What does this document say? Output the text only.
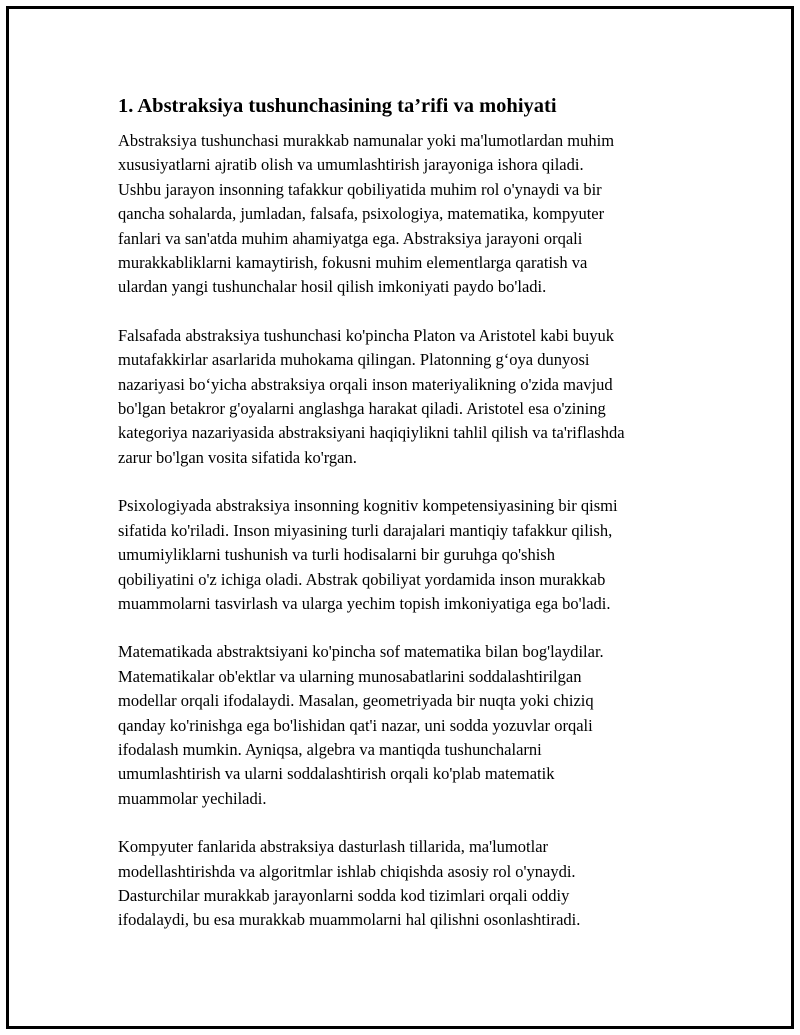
1. Abstraksiya tushunchasining ta’rifi va mohiyati

Abstraksiya tushunchasi murakkab namunalar yoki ma'lumotlardan muhim
xususiyatlarni ajratib olish va umumlashtirish jarayoniga ishora qiladi.
Ushbu jarayon insonning tafakkur qobiliyatida muhim rol o'ynaydi va bir
qancha sohalarda, jumladan, falsafa, psixologiya, matematika, kompyuter
fanlari va san'atda muhim ahamiyatga ega. Abstraksiya jarayoni orqali
murakkabliklarni kamaytirish, fokusni muhim elementlarga qaratish va
ulardan yangi tushunchalar hosil qilish imkoniyati paydo bo'ladi.

Falsafada abstraksiya tushunchasi ko'pincha Platon va Aristotel kabi buyuk
mutafakkirlar asarlarida muhokama qilingan. Platonning g‘oya dunyosi
nazariyasi bo‘yicha abstraksiya orqali inson materiyalikning o'zida mavjud
bo'lgan betakror g'oyalarni anglashga harakat qiladi. Aristotel esa o'zining
kategoriya nazariyasida abstraksiyani haqiqiylikni tahlil qilish va ta'riflashda
zarur bo'lgan vosita sifatida ko'rgan.

Psixologiyada abstraksiya insonning kognitiv kompetensiyasining bir qismi
sifatida ko'riladi. Inson miyasining turli darajalari mantiqiy tafakkur qilish,
umumiyliklarni tushunish va turli hodisalarni bir guruhga qo'shish
qobiliyatini o'z ichiga oladi. Abstrak qobiliyat yordamida inson murakkab
muammolarni tasvirlash va ularga yechim topish imkoniyatiga ega bo'ladi.

Matematikada abstraktsiyani ko'pincha sof matematika bilan bog'laydilar.
Matematikalar ob'ektlar va ularning munosabatlarini soddalashtirilgan
modellar orqali ifodalaydi. Masalan, geometriyada bir nuqta yoki chiziq
qanday ko'rinishga ega bo'lishidan qat'i nazar, uni sodda yozuvlar orqali
ifodalash mumkin. Ayniqsa, algebra va mantiqda tushunchalarni
umumlashtirish va ularni soddalashtirish orqali ko'plab matematik
muammolar yechiladi.

Kompyuter fanlarida abstraksiya dasturlash tillarida, ma'lumotlar
modellashtirishda va algoritmlar ishlab chiqishda asosiy rol o'ynaydi.
Dasturchilar murakkab jarayonlarni sodda kod tizimlari orqali oddiy
ifodalaydi, bu esa murakkab muammolarni hal qilishni osonlashtiradi.
